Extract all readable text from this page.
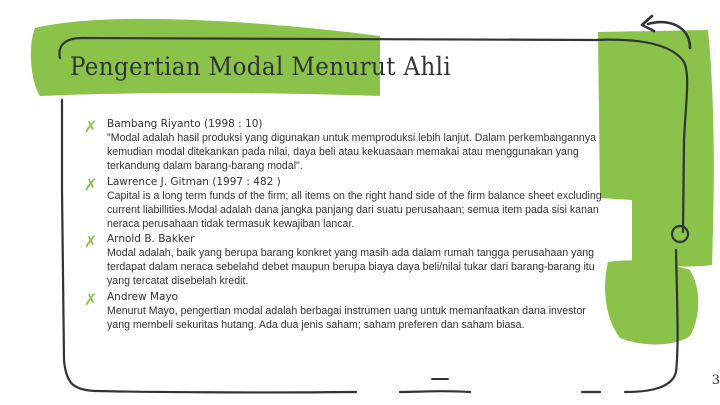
Pengertian Modal Menurut Ahli
✗ Bambang Riyanto (1998 : 10)

"Modal adalah hasil produksi yang digunakan untuk memproduksi lebih lanjut. Dalam perkembangannya kemudian modal ditekankan pada nilai, daya beli atau kekuasaan memakai atau menggunakan yang terkandung dalam barang-barang modal".

✗ Lawrence J. Gitman (1997 : 482 )

Capital is a long term funds of the firm; all items on the right hand side of the firm balance sheet excluding current liabillities.Modal adalah dana jangka panjang dari suatu perusahaan; semua item pada sisi kanan neraca perusahaan tidak termasuk kewajiban lancar.

✗ Arnold B. Bakker

Modal adalah, baik yang berupa barang konkret yang masih ada dalam rumah tangga perusahaan yang terdapat dalam neraca sebelahd debet maupun berupa biaya daya beli/nilai tukar dari barang-barang itu yang tercatat disebelah kredit.

✗ Andrew Mayo

Menurut Mayo, pengertian modal adalah berbagai instrumen uang untuk memanfaatkan dana investor yang membeli sekuritas hutang. Ada dua jenis saham; saham preferen dan saham biasa.

3
